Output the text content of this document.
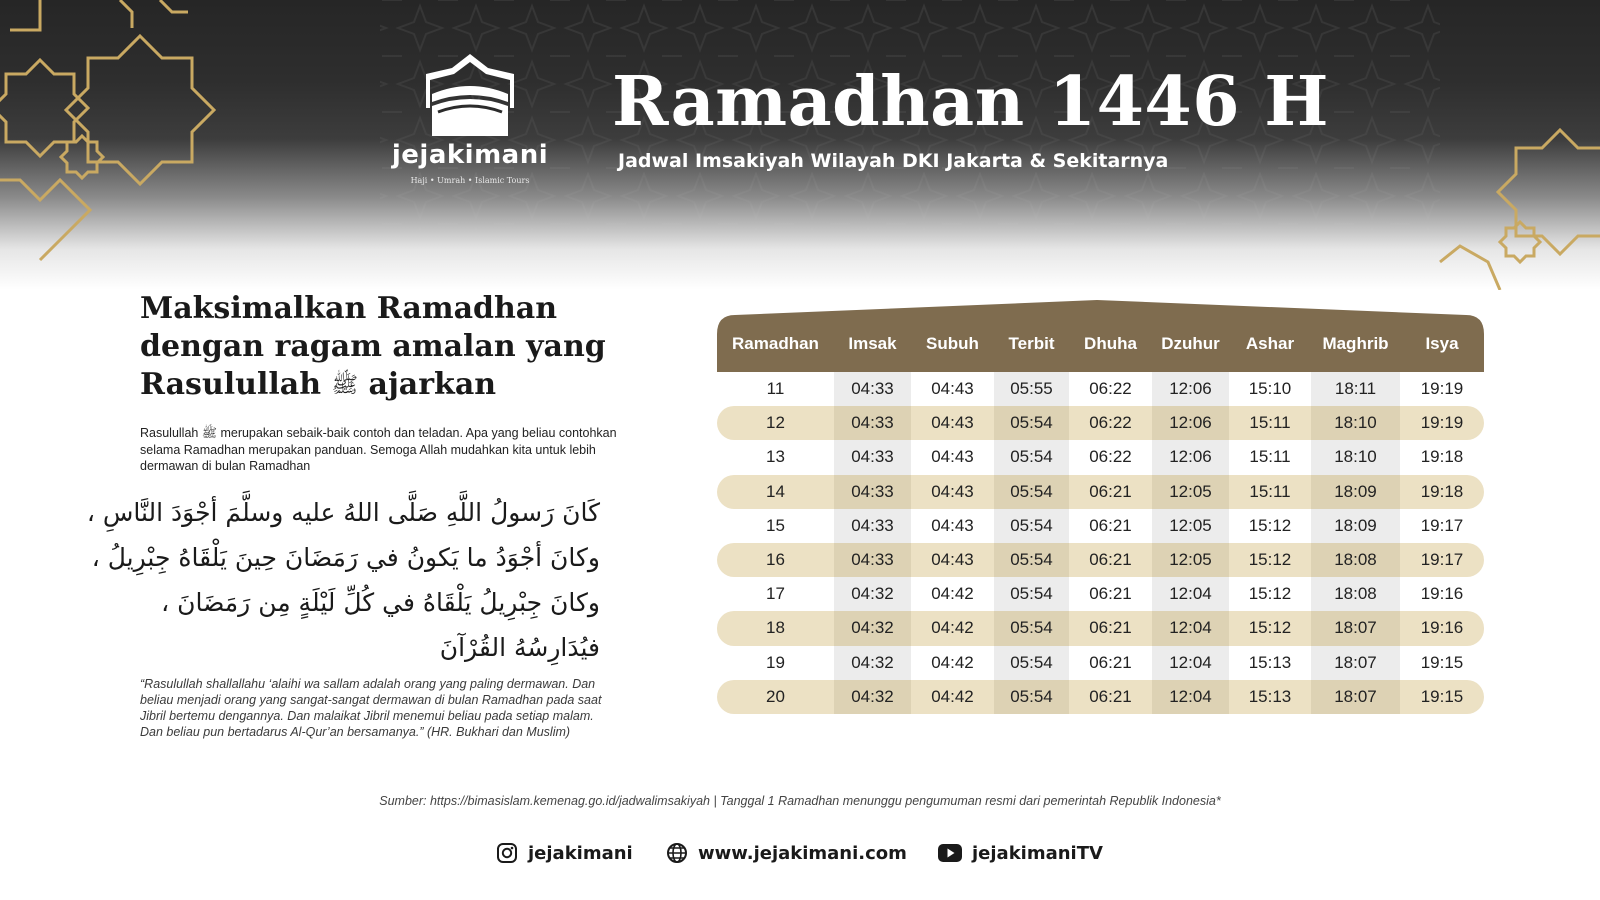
jejakimani
Haji • Umrah • Islamic Tours
Ramadhan 1446 H
Jadwal Imsakiyah Wilayah DKI Jakarta & Sekitarnya
Maksimalkan Ramadhan
dengan ragam amalan yang
Rasulullah ﷺ ajarkan
Rasulullah ﷺ merupakan sebaik-baik contoh dan teladan. Apa yang beliau contohkan selama Ramadhan merupakan panduan. Semoga Allah mudahkan kita untuk lebih dermawan di bulan Ramadhan
كَانَ رَسولُ اللَّهِ صَلَّى اللهُ عليه وسلَّمَ أجْوَدَ النَّاسِ ،
وكانَ أجْوَدُ ما يَكونُ في رَمَضَانَ حِينَ يَلْقَاهُ جِبْرِيلُ ،
وكانَ جِبْرِيلُ يَلْقَاهُ في كُلِّ لَيْلَةٍ مِن رَمَضَانَ ،
فيُدَارِسُهُ القُرْآنَ
“Rasulullah shallallahu ‘alaihi wa sallam adalah orang yang paling dermawan. Dan beliau menjadi orang yang sangat-sangat dermawan di bulan Ramadhan pada saat Jibril bertemu dengannya. Dan malaikat Jibril menemui beliau pada setiap malam. Dan beliau pun bertadarus Al-Qur’an bersamanya.” (HR. Bukhari dan Muslim)
Ramadhan	Imsak	Subuh	Terbit	Dhuha	Dzuhur	Ashar	Maghrib	Isya
11	04:33	04:43	05:55	06:22	12:06	15:10	18:11	19:19
12	04:33	04:43	05:54	06:22	12:06	15:11	18:10	19:19
13	04:33	04:43	05:54	06:22	12:06	15:11	18:10	19:18
14	04:33	04:43	05:54	06:21	12:05	15:11	18:09	19:18
15	04:33	04:43	05:54	06:21	12:05	15:12	18:09	19:17
16	04:33	04:43	05:54	06:21	12:05	15:12	18:08	19:17
17	04:32	04:42	05:54	06:21	12:04	15:12	18:08	19:16
18	04:32	04:42	05:54	06:21	12:04	15:12	18:07	19:16
19	04:32	04:42	05:54	06:21	12:04	15:13	18:07	19:15
20	04:32	04:42	05:54	06:21	12:04	15:13	18:07	19:15
Sumber: https://bimasislam.kemenag.go.id/jadwalimsakiyah | Tanggal 1 Ramadhan menunggu pengumuman resmi dari pemerintah Republik Indonesia*
jejakimani	www.jejakimani.com	jejakimaniTV
